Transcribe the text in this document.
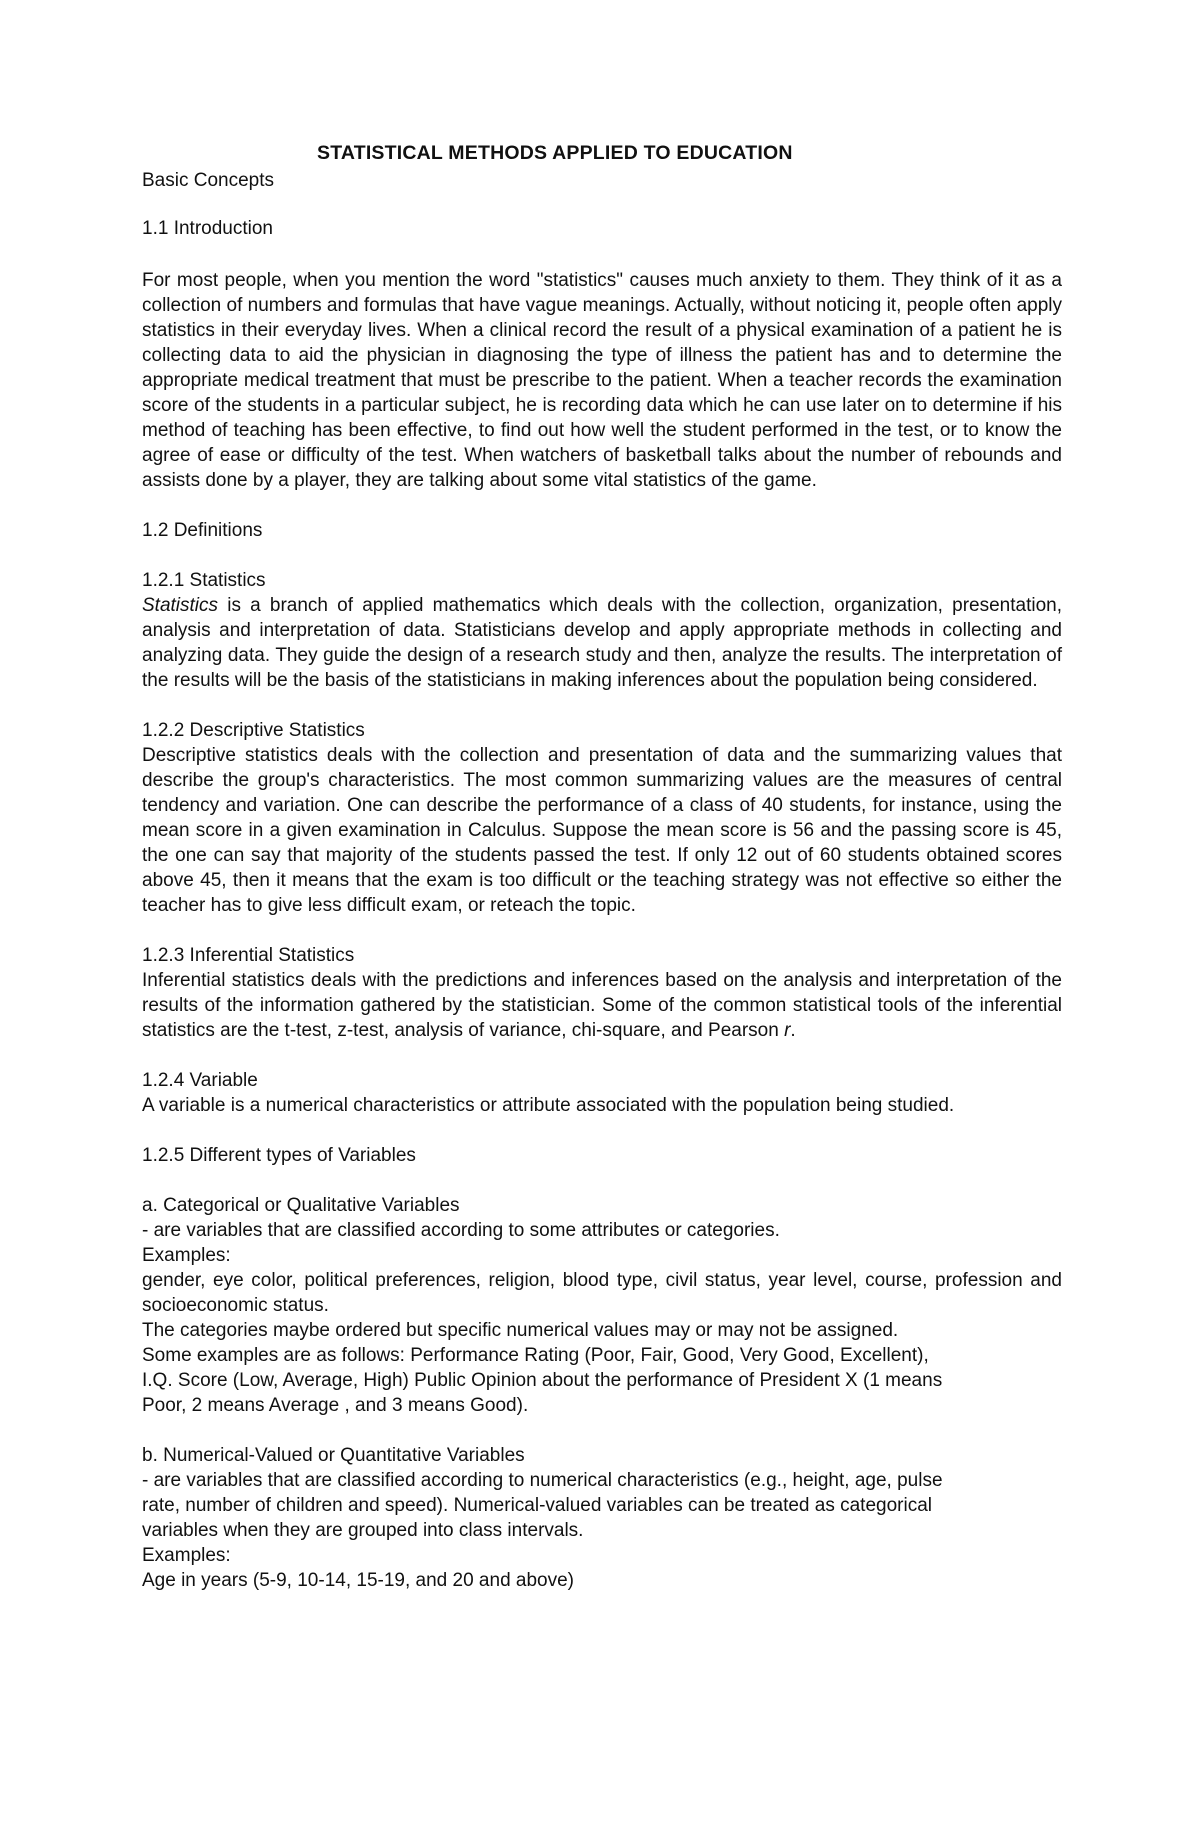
STATISTICAL METHODS APPLIED TO EDUCATION
Basic Concepts
1.1 Introduction

For most people, when you mention the word "statistics" causes much anxiety to them. They think of it as a collection of numbers and formulas that have vague meanings. Actually, without noticing it, people often apply statistics in their everyday lives. When a clinical record the result of a physical examination of a patient he is collecting data to aid the physician in diagnosing the type of illness the patient has and to determine the appropriate medical treatment that must be prescribe to the patient. When a teacher records the examination score of the students in a particular subject, he is recording data which he can use later on to determine if his method of teaching has been effective, to find out how well the student performed in the test, or to know the agree of ease or difficulty of the test. When watchers of basketball talks about the number of rebounds and assists done by a player, they are talking about some vital statistics of the game.

1.2 Definitions

1.2.1 Statistics

Statistics is a branch of applied mathematics which deals with the collection, organization, presentation, analysis and interpretation of data. Statisticians develop and apply appropriate methods in collecting and analyzing data. They guide the design of a research study and then, analyze the results. The interpretation of the results will be the basis of the statisticians in making inferences about the population being considered.

1.2.2 Descriptive Statistics

Descriptive statistics deals with the collection and presentation of data and the summarizing values that describe the group's characteristics. The most common summarizing values are the measures of central tendency and variation. One can describe the performance of a class of 40 students, for instance, using the mean score in a given examination in Calculus. Suppose the mean score is 56 and the passing score is 45, the one can say that majority of the students passed the test. If only 12 out of 60 students obtained scores above 45, then it means that the exam is too difficult or the teaching strategy was not effective so either the teacher has to give less difficult exam, or reteach the topic.

1.2.3 Inferential Statistics

Inferential statistics deals with the predictions and inferences based on the analysis and interpretation of the results of the information gathered by the statistician. Some of the common statistical tools of the inferential statistics are the t-test, z-test, analysis of variance, chi-square, and Pearson r.

1.2.4 Variable

A variable is a numerical characteristics or attribute associated with the population being studied.

1.2.5 Different types of Variables

a. Categorical or Qualitative Variables

- are variables that are classified according to some attributes or categories.

Examples:

gender, eye color, political preferences, religion, blood type, civil status, year level, course, profession and socioeconomic status.

The categories maybe ordered but specific numerical values may or may not be assigned.

Some examples are as follows: Performance Rating (Poor, Fair, Good, Very Good, Excellent),

I.Q. Score (Low, Average, High) Public Opinion about the performance of President X (1 means

Poor, 2 means Average , and 3 means Good).

b. Numerical-Valued or Quantitative Variables

- are variables that are classified according to numerical characteristics (e.g., height, age, pulse

rate, number of children and speed). Numerical-valued variables can be treated as categorical

variables when they are grouped into class intervals.

Examples:

Age in years (5-9, 10-14, 15-19, and 20 and above)
